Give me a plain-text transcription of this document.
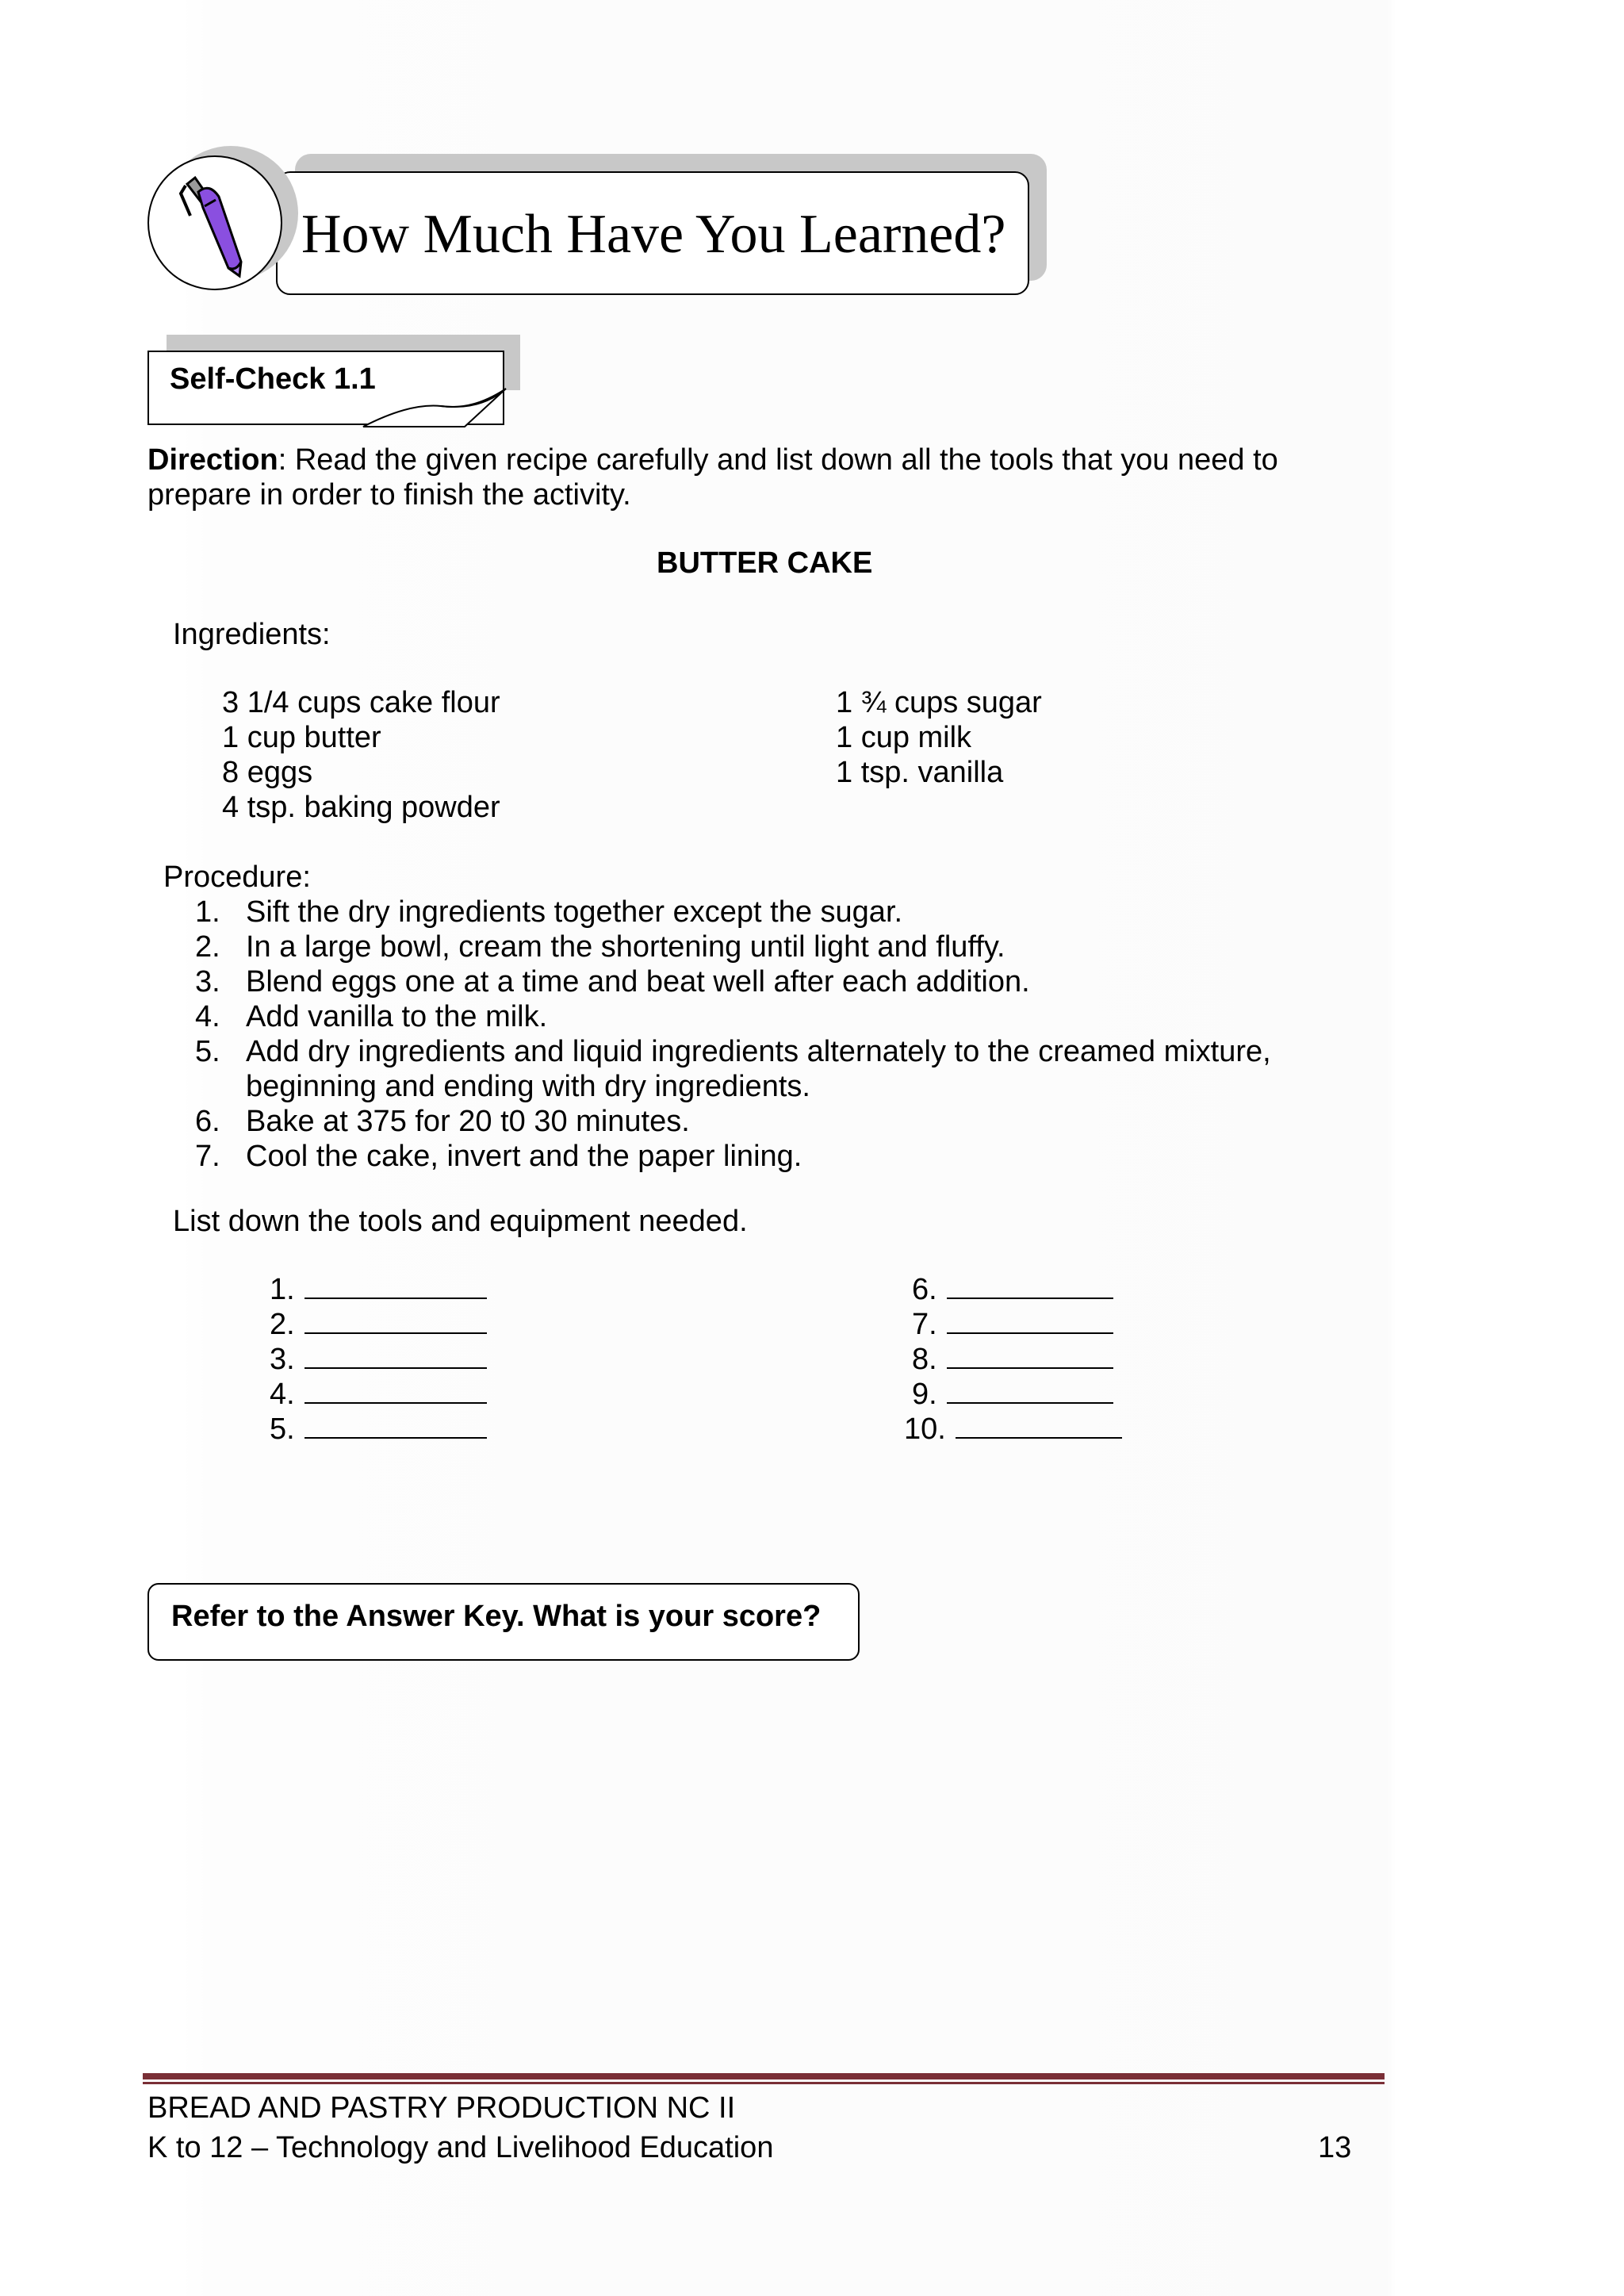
How Much Have You Learned?
Self-Check 1.1
Direction: Read the given recipe carefully and list down all the tools that you need to
prepare in order to finish the activity.
BUTTER CAKE
Ingredients:
3 1/4 cups cake flour
1 cup butter
8 eggs
4 tsp. baking powder
1 ¾ cups sugar
1 cup milk
1 tsp. vanilla
Procedure:
1. Sift the dry ingredients together except the sugar.
2. In a large bowl, cream the shortening until light and fluffy.
3. Blend eggs one at a time and beat well after each addition.
4. Add vanilla to the milk.
5. Add dry ingredients and liquid ingredients alternately to the creamed mixture,
beginning and ending with dry ingredients.
6. Bake at 375 for 20 t0 30 minutes.
7. Cool the cake, invert and the paper lining.
List down the tools and equipment needed.
1.
2.
3.
4.
5.
6.
7.
8.
9.
10.
Refer to the Answer Key. What is your score?
BREAD AND PASTRY PRODUCTION NC II
K to 12 – Technology and Livelihood Education	13
